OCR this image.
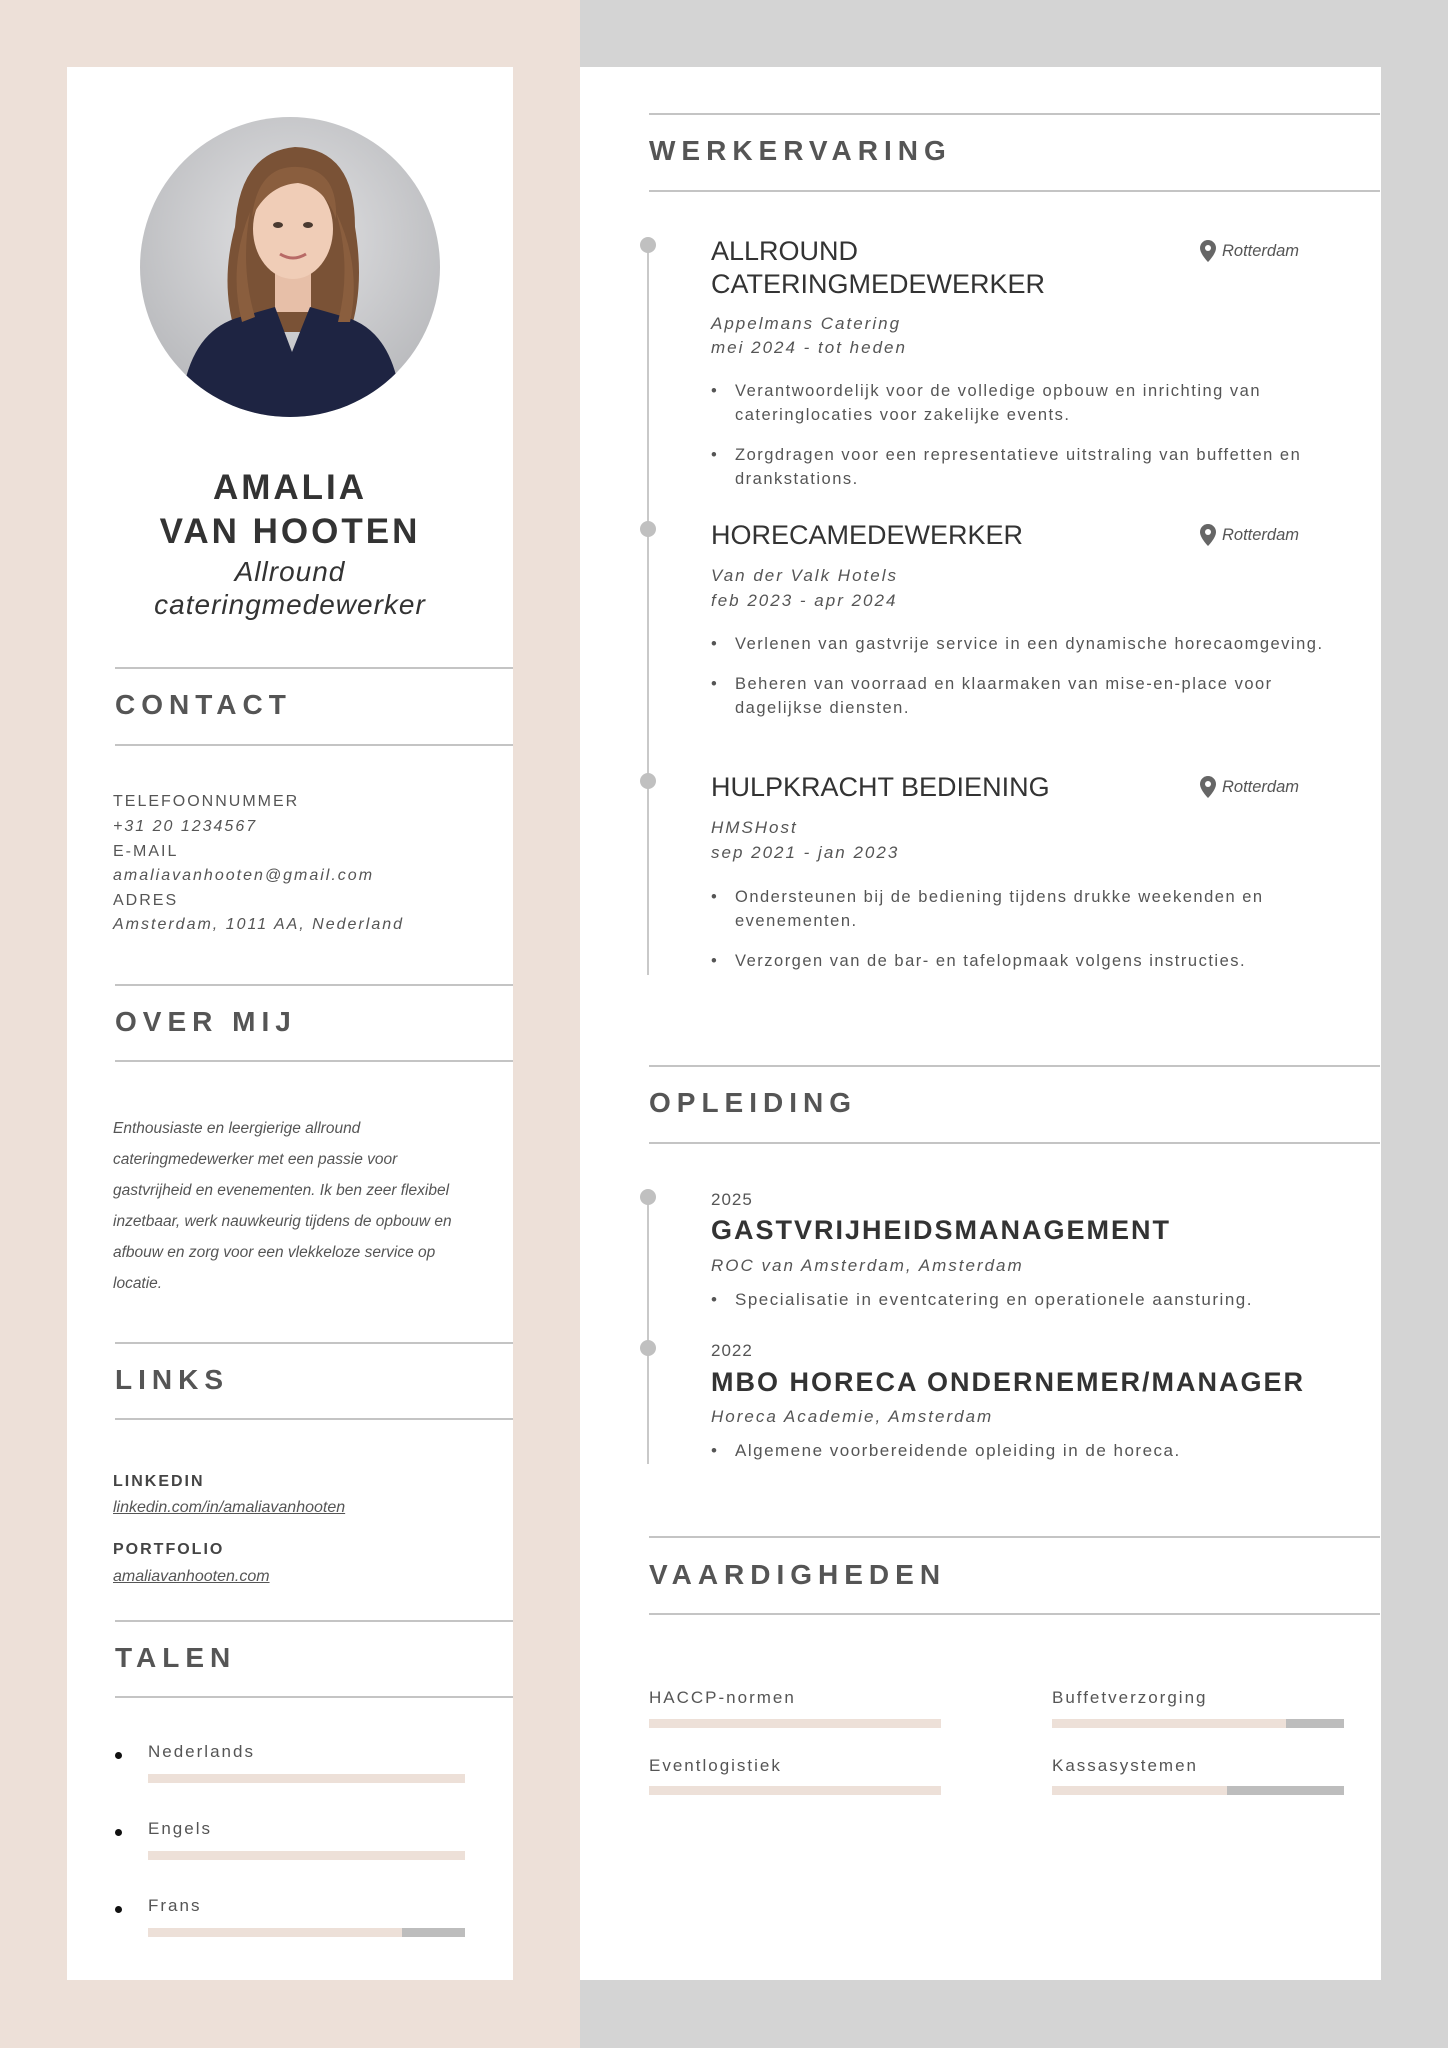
AMALIA
VAN HOOTEN
Allround
cateringmedewerker
CONTACT
TELEFOONNUMMER
+31 20 1234567
E-MAIL
amaliavanhooten@gmail.com
ADRES
Amsterdam, 1011 AA, Nederland
OVER MIJ
Enthousiaste en leergierige allround cateringmedewerker met een passie voor gastvrijheid en evenementen. Ik ben zeer flexibel inzetbaar, werk nauwkeurig tijdens de opbouw en afbouw en zorg voor een vlekkeloze service op locatie.
LINKS
LINKEDIN
linkedin.com/in/amaliavanhooten
PORTFOLIO
amaliavanhooten.com
TALEN
Nederlands
Engels
Frans
WERKERVARING
ALLROUND
CATERINGMEDEWERKER
Rotterdam
Appelmans Catering
mei 2024 - tot heden
• Verantwoordelijk voor de volledige opbouw en inrichting van cateringlocaties voor zakelijke events.
• Zorgdragen voor een representatieve uitstraling van buffetten en drankstations.
HORECAMEDEWERKER	Rotterdam
Van der Valk Hotels
feb 2023 - apr 2024
• Verlenen van gastvrije service in een dynamische horecaomgeving.
• Beheren van voorraad en klaarmaken van mise-en-place voor dagelijkse diensten.
HULPKRACHT BEDIENING	Rotterdam
HMSHost
sep 2021 - jan 2023
• Ondersteunen bij de bediening tijdens drukke weekenden en evenementen.
• Verzorgen van de bar- en tafelopmaak volgens instructies.
OPLEIDING
2025
GASTVRIJHEIDSMANAGEMENT
ROC van Amsterdam, Amsterdam
• Specialisatie in eventcatering en operationele aansturing.
2022
MBO HORECA ONDERNEMER/MANAGER
Horeca Academie, Amsterdam
• Algemene voorbereidende opleiding in de horeca.
VAARDIGHEDEN
HACCP-normen	Buffetverzorging
Eventlogistiek	Kassasystemen
